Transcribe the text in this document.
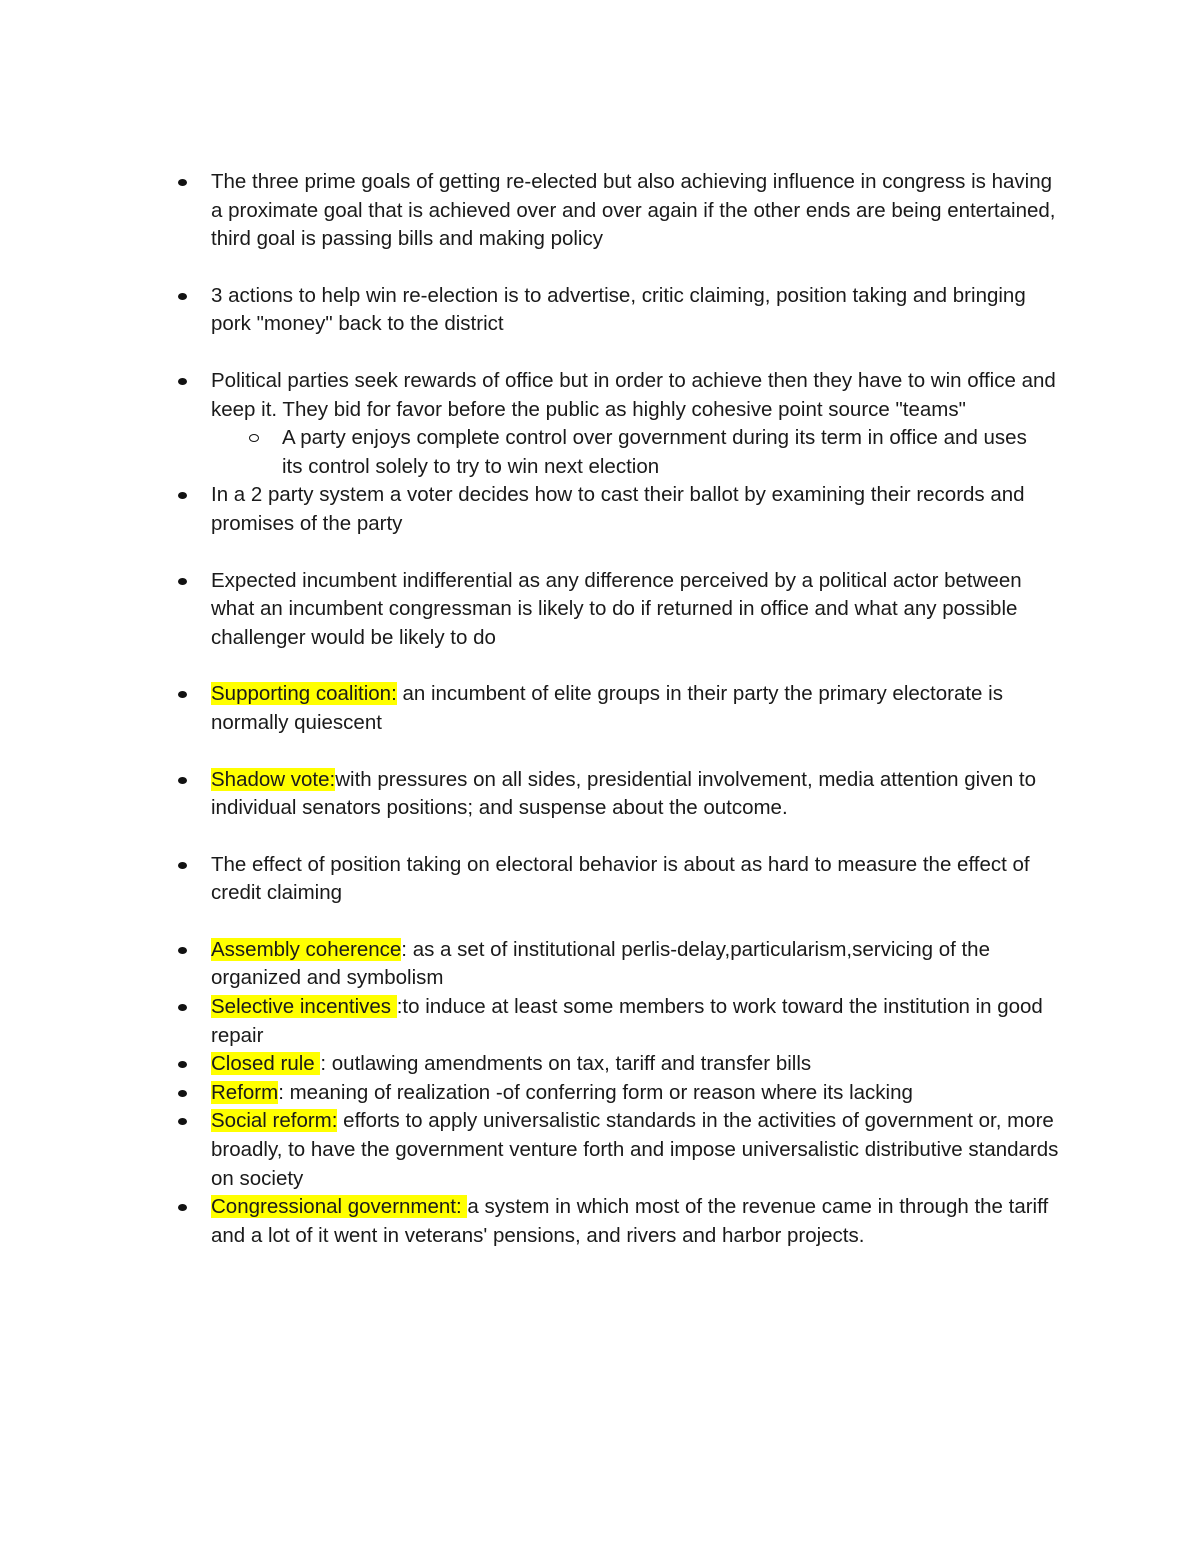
The three prime goals of getting re-elected but also achieving influence in congress is having a proximate goal that is achieved over and over again if the other ends are being entertained, third goal is passing bills and making policy
3 actions to help win re-election is to advertise, critic claiming, position taking and bringing pork "money" back to the district
Political parties seek rewards of office but in order to achieve then they have to win office and keep it. They bid for favor before the public as highly cohesive point source "teams"
A party enjoys complete control over government during its term in office and uses its control solely to try to win next election
In a 2 party system a voter decides how to cast their ballot by examining their records and promises of the party
Expected incumbent indifferential as any difference perceived by a political actor between what an incumbent congressman is likely to do if returned in office and what any possible challenger would be likely to do
Supporting coalition: an incumbent of elite groups in their party the primary electorate is normally quiescent
Shadow vote:with pressures on all sides, presidential involvement, media attention given to individual senators positions; and suspense about the outcome.
The effect of position taking on electoral behavior is about as hard to measure the effect of credit claiming
Assembly coherence: as a set of institutional perlis-delay,particularism,servicing of the organized and symbolism
Selective incentives :to induce at least some members to work toward the institution in good repair
Closed rule : outlawing amendments on tax, tariff and transfer bills
Reform: meaning of realization -of conferring form or reason where its lacking
Social reform: efforts to apply universalistic standards in the activities of government or, more broadly, to have the government venture forth and impose universalistic distributive standards on society
Congressional government: a system in which most of the revenue came in through the tariff and a lot of it went in veterans' pensions, and rivers and harbor projects.
